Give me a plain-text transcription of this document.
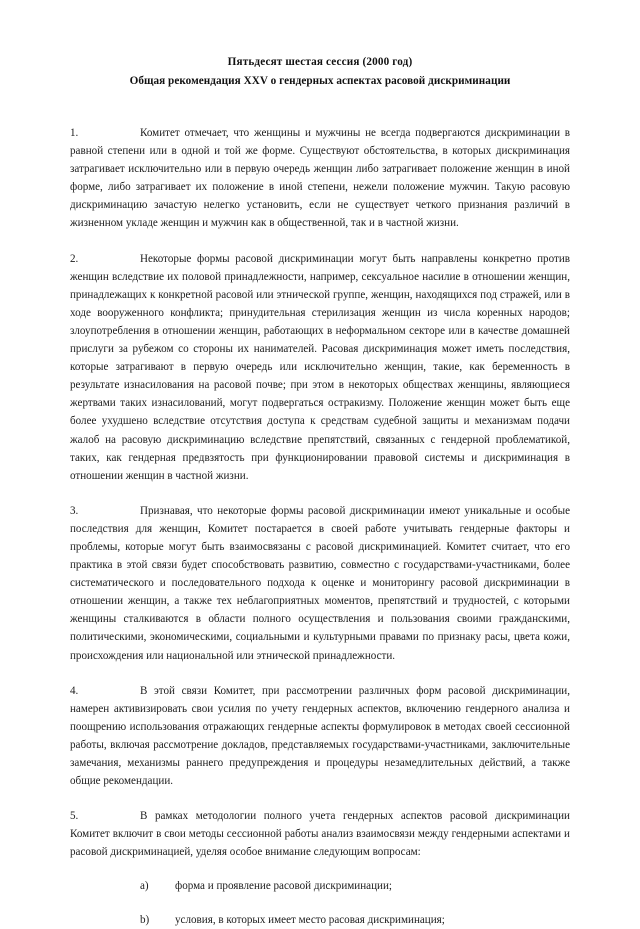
Пятьдесят шестая сессия (2000 год)
Общая рекомендация XXV о гендерных аспектах расовой дискриминации

1.	Комитет отмечает, что женщины и мужчины не всегда подвергаются дискриминации в равной степени или в одной и той же форме. Существуют обстоятельства, в которых дискриминация затрагивает исключительно или в первую очередь женщин либо затрагивает положение женщин в иной форме, либо затрагивает их положение в иной степени, нежели положение мужчин. Такую расовую дискриминацию зачастую нелегко установить, если не существует четкого признания различий в жизненном укладе женщин и мужчин как в общественной, так и в частной жизни.

2.	Некоторые формы расовой дискриминации могут быть направлены конкретно против женщин вследствие их половой принадлежности, например, сексуальное насилие в отношении женщин, принадлежащих к конкретной расовой или этнической группе, женщин, находящихся под стражей, или в ходе вооруженного конфликта; принудительная стерилизация женщин из числа коренных народов; злоупотребления в отношении женщин, работающих в неформальном секторе или в качестве домашней прислуги за рубежом со стороны их нанимателей. Расовая дискриминация может иметь последствия, которые затрагивают в первую очередь или исключительно женщин, такие, как беременность в результате изнасилования на расовой почве; при этом в некоторых обществах женщины, являющиеся жертвами таких изнасилований, могут подвергаться остракизму. Положение женщин может быть еще более ухудшено вследствие отсутствия доступа к средствам судебной защиты и механизмам подачи жалоб на расовую дискриминацию вследствие препятствий, связанных с гендерной проблематикой, таких, как гендерная предвзятость при функционировании правовой системы и дискриминация в отношении женщин в частной жизни.

3.	Признавая, что некоторые формы расовой дискриминации имеют уникальные и особые последствия для женщин, Комитет постарается в своей работе учитывать гендерные факторы и проблемы, которые могут быть взаимосвязаны с расовой дискриминацией. Комитет считает, что его практика в этой связи будет способствовать развитию, совместно с государствами-участниками, более систематического и последовательного подхода к оценке и мониторингу расовой дискриминации в отношении женщин, а также тех неблагоприятных моментов, препятствий и трудностей, с которыми женщины сталкиваются в области полного осуществления и пользования своими гражданскими, политическими, экономическими, социальными и культурными правами по признаку расы, цвета кожи, происхождения или национальной или этнической принадлежности.

4.	В этой связи Комитет, при рассмотрении различных форм расовой дискриминации, намерен активизировать свои усилия по учету гендерных аспектов, включению гендерного анализа и поощрению использования отражающих гендерные аспекты формулировок в методах своей сессионной работы, включая рассмотрение докладов, представляемых государствами-участниками, заключительные замечания, механизмы раннего предупреждения и процедуры незамедлительных действий, а также общие рекомендации.

5.	В рамках методологии полного учета гендерных аспектов расовой дискриминации Комитет включит в свои методы сессионной работы анализ взаимосвязи между гендерными аспектами и расовой дискриминацией, уделяя особое внимание следующим вопросам:

a) форма и проявление расовой дискриминации;
b) условия, в которых имеет место расовая дискриминация;
